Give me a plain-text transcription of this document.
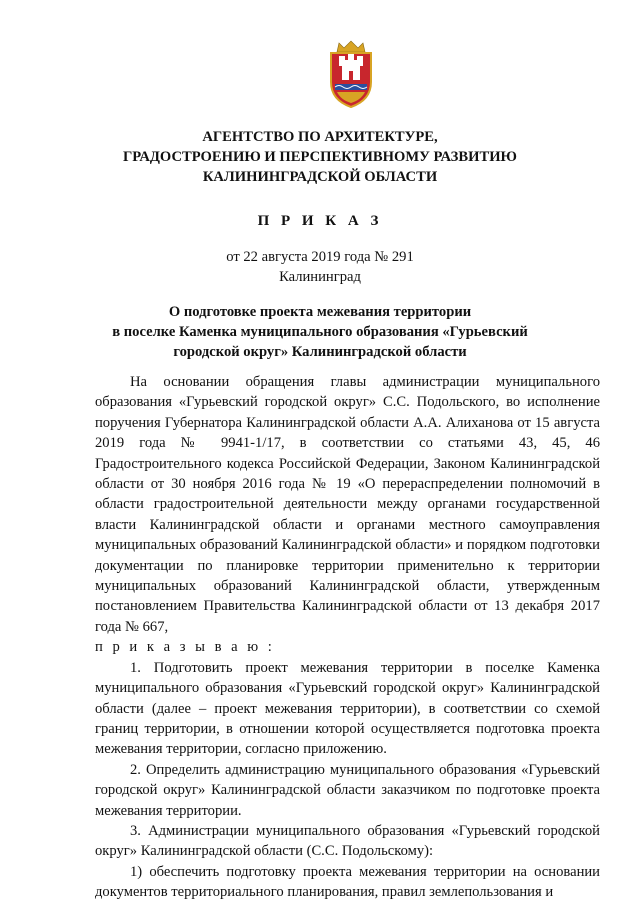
АГЕНТСТВО ПО АРХИТЕКТУРЕ,
ГРАДОСТРОЕНИЮ И ПЕРСПЕКТИВНОМУ РАЗВИТИЮ
КАЛИНИНГРАДСКОЙ ОБЛАСТИ
П Р И К А З
от 22 августа 2019 года № 291
Калининград
О подготовке проекта межевания территории
в поселке Каменка муниципального образования «Гурьевский
городской округ» Калининградской области

На основании обращения главы администрации муниципального образования «Гурьевский городской округ» С.С. Подольского, во исполнение поручения Губернатора Калининградской области А.А. Алиханова от 15 августа 2019 года № 9941-1/17, в соответствии со статьями 43, 45, 46 Градостроительного кодекса Российской Федерации, Законом Калининградской области от 30 ноября 2016 года № 19 «О перераспределении полномочий в области градостроительной деятельности между органами государственной власти Калининградской области и органами местного самоуправления муниципальных образований Калининградской области» и порядком подготовки документации по планировке территории применительно к территории муниципальных образований Калининградской области, утвержденным постановлением Правительства Калининградской области от 13 декабря 2017 года № 667,

п р и к а з ы в а ю :

1. Подготовить проект межевания территории в поселке Каменка муниципального образования «Гурьевский городской округ» Калининградской области (далее – проект межевания территории), в соответствии со схемой границ территории, в отношении которой осуществляется подготовка проекта межевания территории, согласно приложению.

2. Определить администрацию муниципального образования «Гурьевский городской округ» Калининградской области заказчиком по подготовке проекта межевания территории.

3. Администрации муниципального образования «Гурьевский городской округ» Калининградской области (С.С. Подольскому):

1) обеспечить подготовку проекта межевания территории на основании документов территориального планирования, правил землепользования и
